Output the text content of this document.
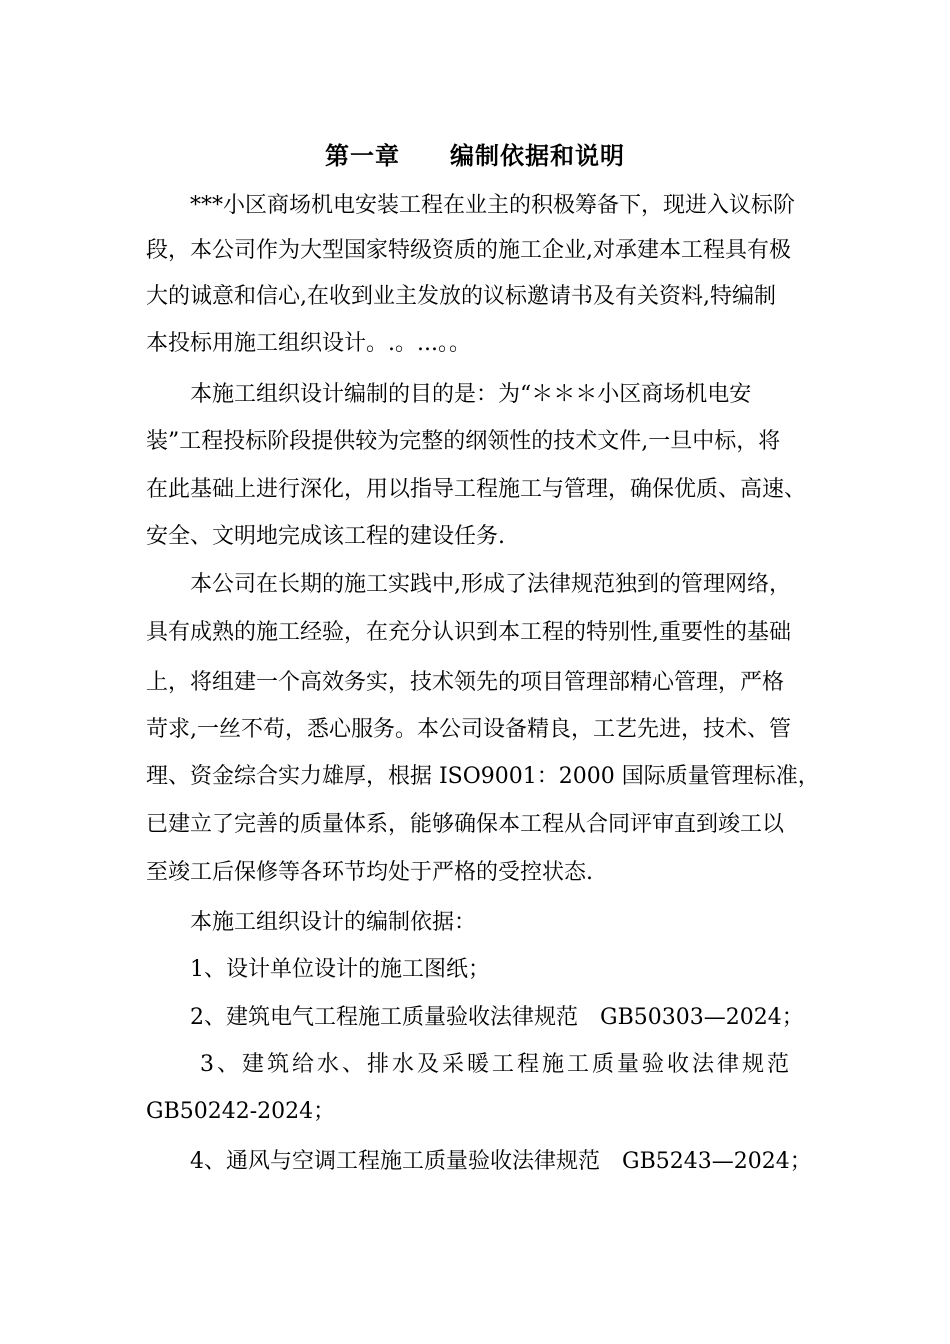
第一章　　编制依据和说明
***小区商场机电安装工程在业主的积极筹备下，现进入议标阶
段，本公司作为大型国家特级资质的施工企业,对承建本工程具有极
大的诚意和信心,在收到业主发放的议标邀请书及有关资料,特编制
本投标用施工组织设计。.。...。。
本施工组织设计编制的目的是：为“＊＊＊小区商场机电安
装”工程投标阶段提供较为完整的纲领性的技术文件,一旦中标，将
在此基础上进行深化，用以指导工程施工与管理，确保优质、高速、
安全、文明地完成该工程的建设任务.
本公司在长期的施工实践中,形成了法律规范独到的管理网络，
具有成熟的施工经验，在充分认识到本工程的特别性,重要性的基础
上，将组建一个高效务实，技术领先的项目管理部精心管理，严格
苛求,一丝不苟，悉心服务。本公司设备精良，工艺先进，技术、管
理、资金综合实力雄厚，根据 ISO9001：2000 国际质量管理标准，
已建立了完善的质量体系，能够确保本工程从合同评审直到竣工以
至竣工后保修等各环节均处于严格的受控状态.
本施工组织设计的编制依据：
1、设计单位设计的施工图纸；
2、建筑电气工程施工质量验收法律规范　GB50303—2024；
3、建筑给水、排水及采暖工程施工质量验收法律规范
GB50242-2024；
4、通风与空调工程施工质量验收法律规范　GB5243—2024；
